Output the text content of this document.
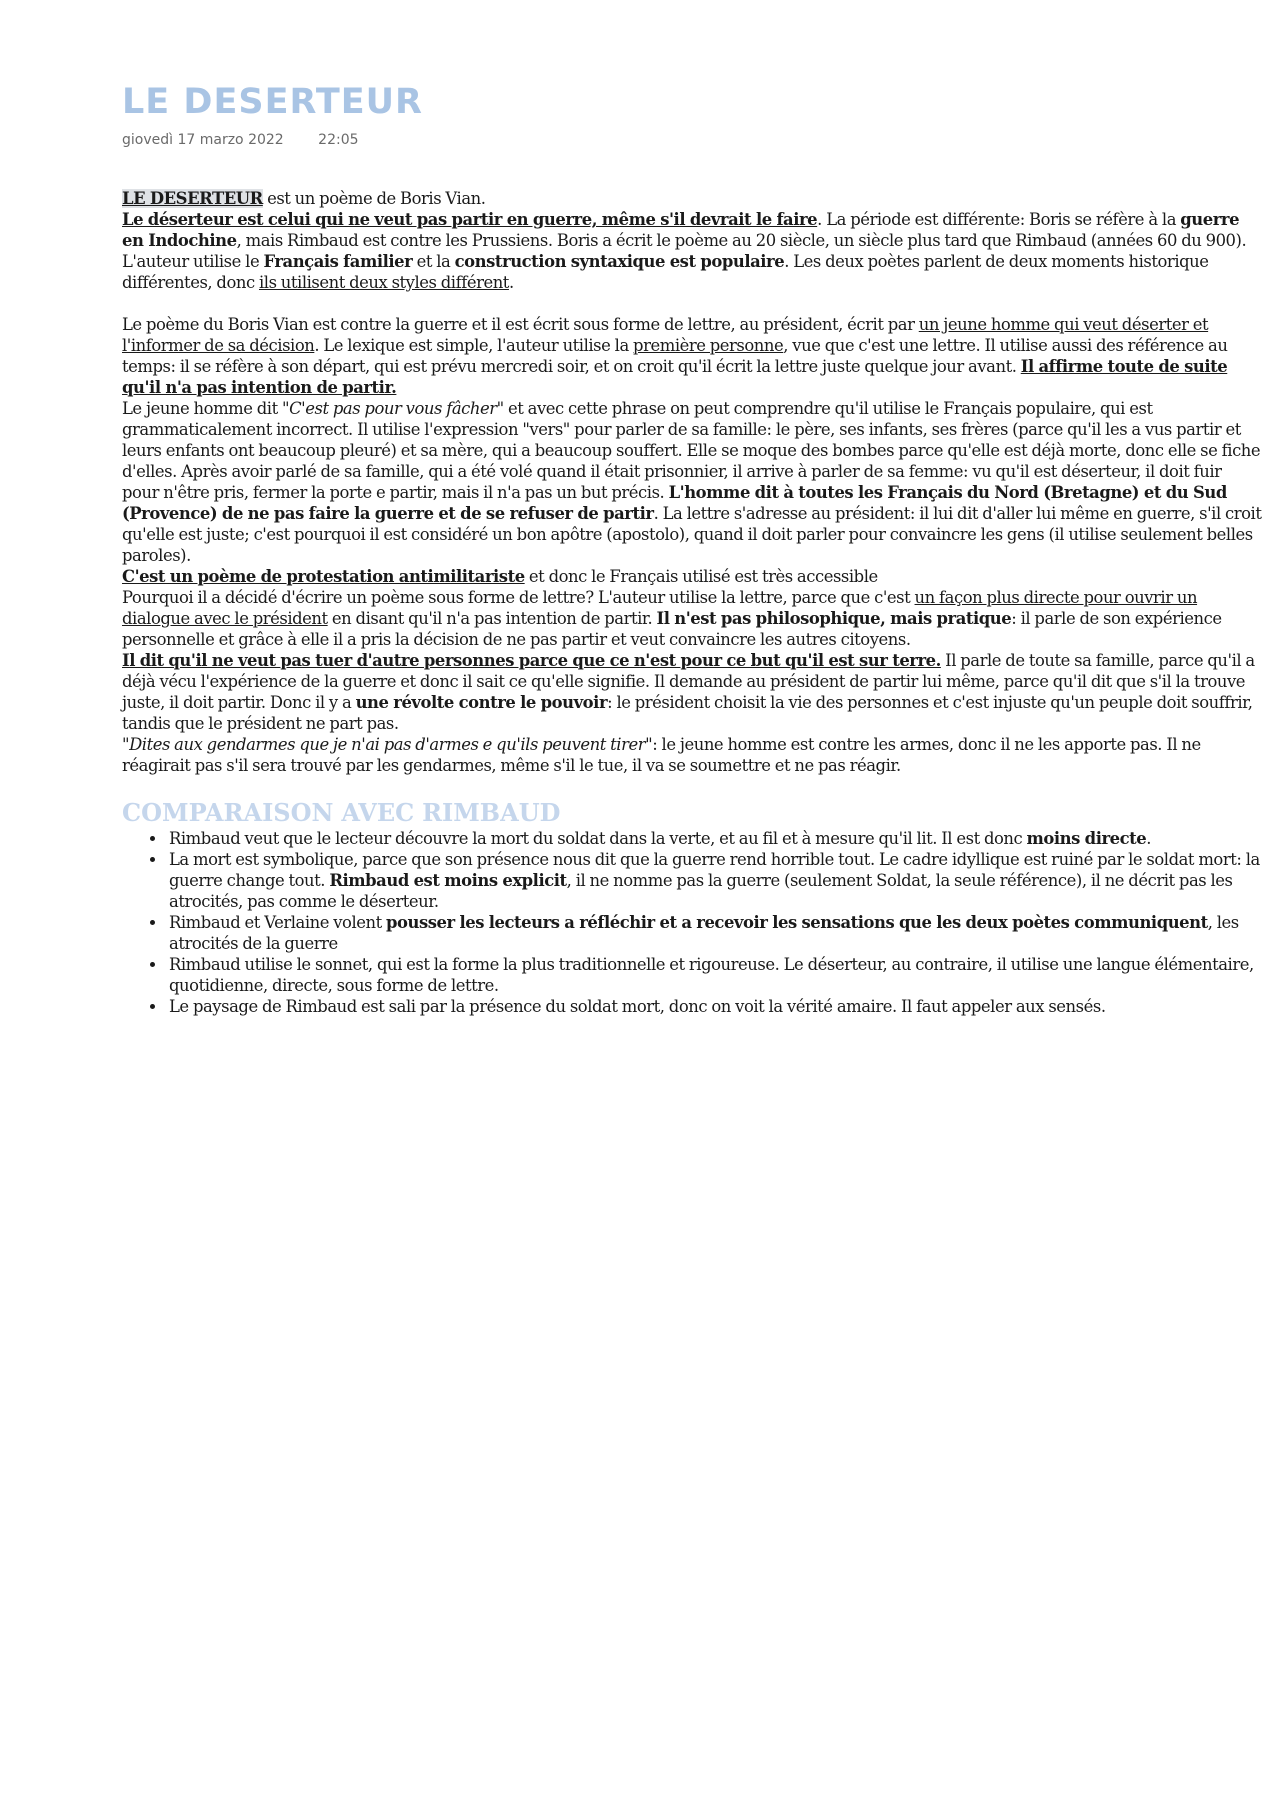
LE DESERTEUR
giovedì 17 marzo 2022 22:05

LE DESERTEUR est un poème de Boris Vian.

Le déserteur est celui qui ne veut pas partir en guerre, même s'il devrait le faire. La période est différente: Boris se réfère à la guerre en Indochine, mais Rimbaud est contre les Prussiens. Boris a écrit le poème au 20 siècle, un siècle plus tard que Rimbaud (années 60 du 900).

L'auteur utilise le Français familier et la construction syntaxique est populaire. Les deux poètes parlent de deux moments historique différentes, donc ils utilisent deux styles différent.

Le poème du Boris Vian est contre la guerre et il est écrit sous forme de lettre, au président, écrit par un jeune homme qui veut déserter et l'informer de sa décision. Le lexique est simple, l'auteur utilise la première personne, vue que c'est une lettre. Il utilise aussi des référence au temps: il se réfère à son départ, qui est prévu mercredi soir, et on croit qu'il écrit la lettre juste quelque jour avant. Il affirme toute de suite qu'il n'a pas intention de partir.

Le jeune homme dit "C'est pas pour vous fâcher" et avec cette phrase on peut comprendre qu'il utilise le Français populaire, qui est grammaticalement incorrect. Il utilise l'expression "vers" pour parler de sa famille: le père, ses infants, ses frères (parce qu'il les a vus partir et leurs enfants ont beaucoup pleuré) et sa mère, qui a beaucoup souffert. Elle se moque des bombes parce qu'elle est déjà morte, donc elle se fiche d'elles. Après avoir parlé de sa famille, qui a été volé quand il était prisonnier, il arrive à parler de sa femme: vu qu'il est déserteur, il doit fuir pour n'être pris, fermer la porte e partir, mais il n'a pas un but précis. L'homme dit à toutes les Français du Nord (Bretagne) et du Sud (Provence) de ne pas faire la guerre et de se refuser de partir. La lettre s'adresse au président: il lui dit d'aller lui même en guerre, s'il croit qu'elle est juste; c'est pourquoi il est considéré un bon apôtre (apostolo), quand il doit parler pour convaincre les gens (il utilise seulement belles paroles).

C'est un poème de protestation antimilitariste et donc le Français utilisé est très accessible

Pourquoi il a décidé d'écrire un poème sous forme de lettre? L'auteur utilise la lettre, parce que c'est un façon plus directe pour ouvrir un dialogue avec le président en disant qu'il n'a pas intention de partir. Il n'est pas philosophique, mais pratique: il parle de son expérience personnelle et grâce à elle il a pris la décision de ne pas partir et veut convaincre les autres citoyens.

Il dit qu'il ne veut pas tuer d'autre personnes parce que ce n'est pour ce but qu'il est sur terre. Il parle de toute sa famille, parce qu'il a déjà vécu l'expérience de la guerre et donc il sait ce qu'elle signifie. Il demande au président de partir lui même, parce qu'il dit que s'il la trouve juste, il doit partir. Donc il y a une révolte contre le pouvoir: le président choisit la vie des personnes et c'est injuste qu'un peuple doit souffrir, tandis que le président ne part pas.

"Dites aux gendarmes que je n'ai pas d'armes e qu'ils peuvent tirer": le jeune homme est contre les armes, donc il ne les apporte pas. Il ne réagirait pas s'il sera trouvé par les gendarmes, même s'il le tue, il va se soumettre et ne pas réagir.

COMPARAISON AVEC RIMBAUD
• Rimbaud veut que le lecteur découvre la mort du soldat dans la verte, et au fil et à mesure qu'il lit. Il est donc moins directe.
• La mort est symbolique, parce que son présence nous dit que la guerre rend horrible tout. Le cadre idyllique est ruiné par le soldat mort: la guerre change tout. Rimbaud est moins explicit, il ne nomme pas la guerre (seulement Soldat, la seule référence), il ne décrit pas les atrocités, pas comme le déserteur.
• Rimbaud et Verlaine volent pousser les lecteurs a réfléchir et a recevoir les sensations que les deux poètes communiquent, les atrocités de la guerre
• Rimbaud utilise le sonnet, qui est la forme la plus traditionnelle et rigoureuse. Le déserteur, au contraire, il utilise une langue élémentaire, quotidienne, directe, sous forme de lettre.
• Le paysage de Rimbaud est sali par la présence du soldat mort, donc on voit la vérité amaire. Il faut appeler aux sensés.
